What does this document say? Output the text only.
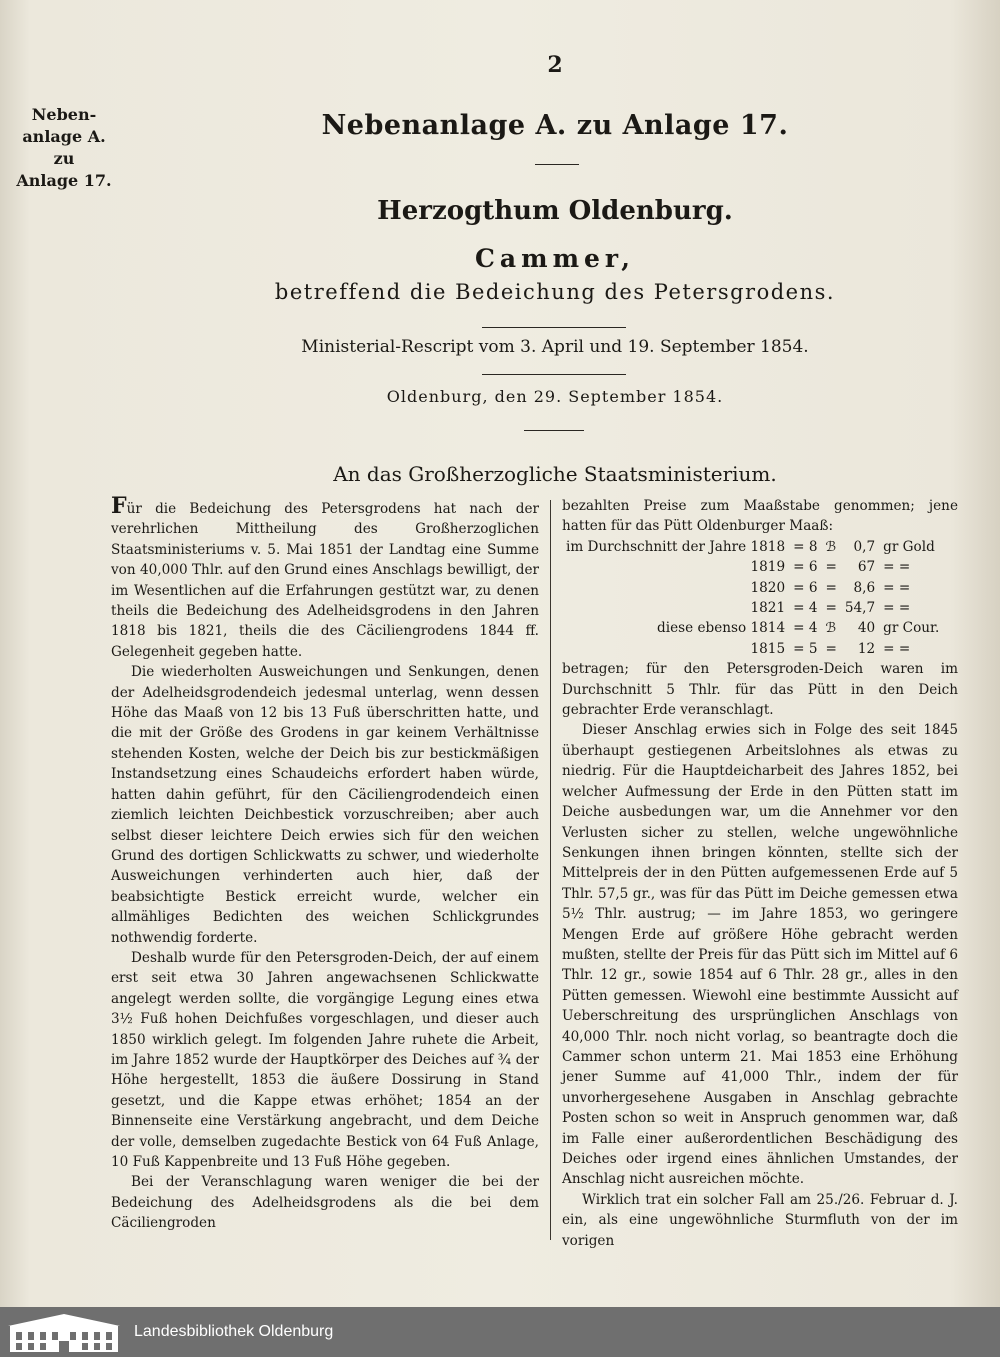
2
Neben-
anlage A.
zu
Anlage 17.
Nebenanlage A. zu Anlage 17.
Herzogthum Oldenburg.
Cammer,
betreffend die Bedeichung des Petersgrodens.
Ministerial-Rescript vom 3. April und 19. September 1854.
Oldenburg, den 29. September 1854.
An das Großherzogliche Staatsministerium.

Für die Bedeichung des Petersgrodens hat nach der verehrlichen Mittheilung des Großherzoglichen Staatsministeriums v. 5. Mai 1851 der Landtag eine Summe von 40,000 Thlr. auf den Grund eines Anschlags bewilligt, der im Wesentlichen auf die Erfahrungen gestützt war, zu denen theils die Bedeichung des Adelheidsgrodens in den Jahren 1818 bis 1821, theils die des Cäciliengrodens 1844 ff. Gelegenheit gegeben hatte.

Die wiederholten Ausweichungen und Senkungen, denen der Adelheidsgrodendeich jedesmal unterlag, wenn dessen Höhe das Maaß von 12 bis 13 Fuß überschritten hatte, und die mit der Größe des Grodens in gar keinem Verhältnisse stehenden Kosten, welche der Deich bis zur bestickmäßigen Instandsetzung eines Schaudeichs erfordert haben würde, hatten dahin geführt, für den Cäciliengrodendeich einen ziemlich leichten Deichbestick vorzuschreiben; aber auch selbst dieser leichtere Deich erwies sich für den weichen Grund des dortigen Schlickwatts zu schwer, und wiederholte Ausweichungen verhinderten auch hier, daß der beabsichtigte Bestick erreicht wurde, welcher ein allmähliges Bedichten des weichen Schlickgrundes nothwendig forderte.

Deshalb wurde für den Petersgroden-Deich, der auf einem erst seit etwa 30 Jahren angewachsenen Schlickwatte angelegt werden sollte, die vorgängige Legung eines etwa 3½ Fuß hohen Deichfußes vorgeschlagen, und dieser auch 1850 wirklich gelegt. Im folgenden Jahre ruhete die Arbeit, im Jahre 1852 wurde der Hauptkörper des Deiches auf ¾ der Höhe hergestellt, 1853 die äußere Dossirung in Stand gesetzt, und die Kappe etwas erhöhet; 1854 an der Binnenseite eine Verstärkung angebracht, und dem Deiche der volle, demselben zugedachte Bestick von 64 Fuß Anlage, 10 Fuß Kappenbreite und 13 Fuß Höhe gegeben.

Bei der Veranschlagung waren weniger die bei der Bedeichung des Adelheidsgrodens als die bei dem Cäciliengroden

bezahlten Preise zum Maaßstabe genommen; jene hatten für das Pütt Oldenburger Maaß:

im Durchschnitt der Jahre 1818	= 8	ℬ	0,7	gr Gold
1819	= 6	=	67	= =
1820	= 6	=	8,6	= =
1821	= 4	=	54,7	= =
diese ebenso 1814	= 4	ℬ	40	gr Cour.
1815	= 5	=	12	= =

betragen; für den Petersgroden-Deich waren im Durchschnitt 5 Thlr. für das Pütt in den Deich gebrachter Erde veranschlagt.

Dieser Anschlag erwies sich in Folge des seit 1845 überhaupt gestiegenen Arbeitslohnes als etwas zu niedrig. Für die Hauptdeicharbeit des Jahres 1852, bei welcher Aufmessung der Erde in den Pütten statt im Deiche ausbedungen war, um die Annehmer vor den Verlusten sicher zu stellen, welche ungewöhnliche Senkungen ihnen bringen könnten, stellte sich der Mittelpreis der in den Pütten aufgemessenen Erde auf 5 Thlr. 57,5 gr., was für das Pütt im Deiche gemessen etwa 5½ Thlr. austrug; — im Jahre 1853, wo geringere Mengen Erde auf größere Höhe gebracht werden mußten, stellte der Preis für das Pütt sich im Mittel auf 6 Thlr. 12 gr., sowie 1854 auf 6 Thlr. 28 gr., alles in den Pütten gemessen. Wiewohl eine bestimmte Aussicht auf Ueberschreitung des ursprünglichen Anschlags von 40,000 Thlr. noch nicht vorlag, so beantragte doch die Cammer schon unterm 21. Mai 1853 eine Erhöhung jener Summe auf 41,000 Thlr., indem der für unvorhergesehene Ausgaben in Anschlag gebrachte Posten schon so weit in Anspruch genommen war, daß im Falle einer außerordentlichen Beschädigung des Deiches oder irgend eines ähnlichen Umstandes, der Anschlag nicht ausreichen möchte.

Wirklich trat ein solcher Fall am 25./26. Februar d. J. ein, als eine ungewöhnliche Sturmfluth von der im vorigen

Landesbibliothek Oldenburg
